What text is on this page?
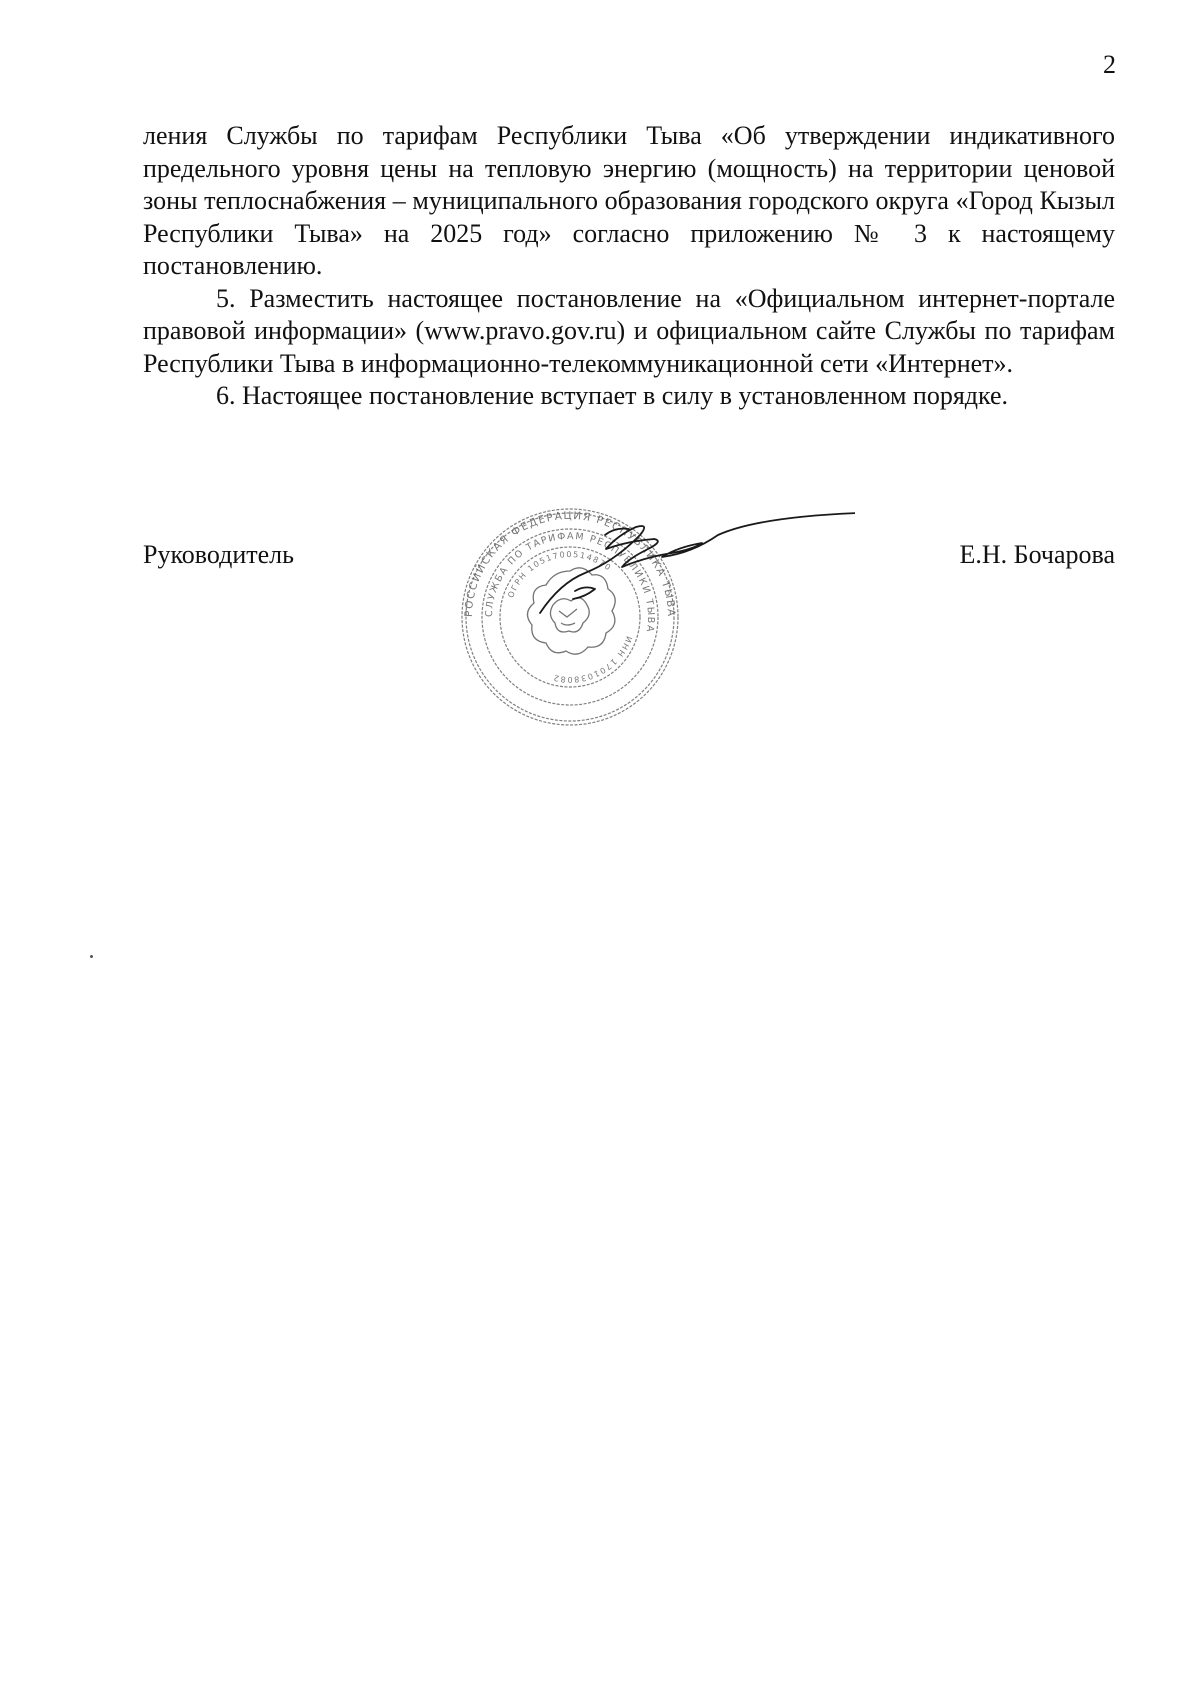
2

ления Службы по тарифам Республики Тыва «Об утверждении индикативного предельного уровня цены на тепловую энергию (мощность) на территории ценовой зоны теплоснабжения – муниципального образования городского округа «Город Кызыл Республики Тыва» на 2025 год» согласно приложению № 3 к настоящему постановлению.

5. Разместить настоящее постановление на «Официальном интернет-портале правовой информации» (www.pravo.gov.ru) и официальном сайте Службы по тарифам Республики Тыва в информационно-телекоммуникационной сети «Интернет».

6. Настоящее постановление вступает в силу в установленном порядке.

РОССИЙСКАЯ ФЕДЕРАЦИЯ РЕСПУБЛИКА ТЫВА
СЛУЖБА ПО ТАРИФАМ РЕСПУБЛИКИ ТЫВА
ОГРН 1051700514870
ИНН 1701038082
Руководитель	Е.Н. Бочарова
